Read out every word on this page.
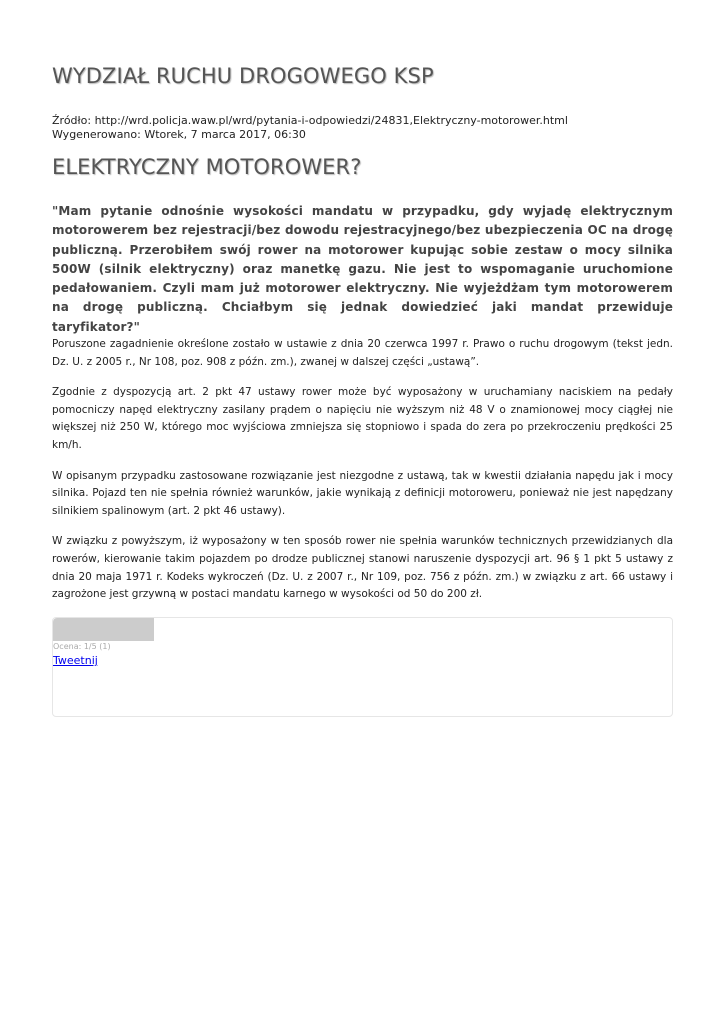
WYDZIAŁ RUCHU DROGOWEGO KSP
Źródło: http://wrd.policja.waw.pl/wrd/pytania-i-odpowiedzi/24831,Elektryczny-motorower.html
Wygenerowano: Wtorek, 7 marca 2017, 06:30
ELEKTRYCZNY MOTOROWER?

"Mam pytanie odnośnie wysokości mandatu w przypadku, gdy wyjadę elektrycznym motorowerem bez rejestracji/bez dowodu rejestracyjnego/bez ubezpieczenia OC na drogę publiczną. Przerobiłem swój rower na motorower kupując sobie zestaw o mocy silnika 500W (silnik elektryczny) oraz manetkę gazu. Nie jest to wspomaganie uruchomione pedałowaniem. Czyli mam już motorower elektryczny. Nie wyjeżdżam tym motorowerem na drogę publiczną. Chciałbym się jednak dowiedzieć jaki mandat przewiduje taryfikator?"

Poruszone zagadnienie określone zostało w ustawie z dnia 20 czerwca 1997 r. Prawo o ruchu drogowym (tekst jedn. Dz. U. z 2005 r., Nr 108, poz. 908 z późn. zm.), zwanej w dalszej części „ustawą”.

Zgodnie z dyspozycją art. 2 pkt 47 ustawy rower może być wyposażony w uruchamiany naciskiem na pedały pomocniczy napęd elektryczny zasilany prądem o napięciu nie wyższym niż 48 V o znamionowej mocy ciągłej nie większej niż 250 W, którego moc wyjściowa zmniejsza się stopniowo i spada do zera po przekroczeniu prędkości 25 km/h.

W opisanym przypadku zastosowane rozwiązanie jest niezgodne z ustawą, tak w kwestii działania napędu jak i mocy silnika. Pojazd ten nie spełnia również warunków, jakie wynikają z definicji motoroweru, ponieważ nie jest napędzany silnikiem spalinowym (art. 2 pkt 46 ustawy).

W związku z powyższym, iż wyposażony w ten sposób rower nie spełnia warunków technicznych przewidzianych dla rowerów, kierowanie takim pojazdem po drodze publicznej stanowi naruszenie dyspozycji art. 96 § 1 pkt 5 ustawy z dnia 20 maja 1971 r. Kodeks wykroczeń (Dz. U. z 2007 r., Nr 109, poz. 756 z późn. zm.) w związku z art. 66 ustawy i zagrożone jest grzywną w postaci mandatu karnego w wysokości od 50 do 200 zł.

Ocena: 1/5 (1)
Tweetnij
